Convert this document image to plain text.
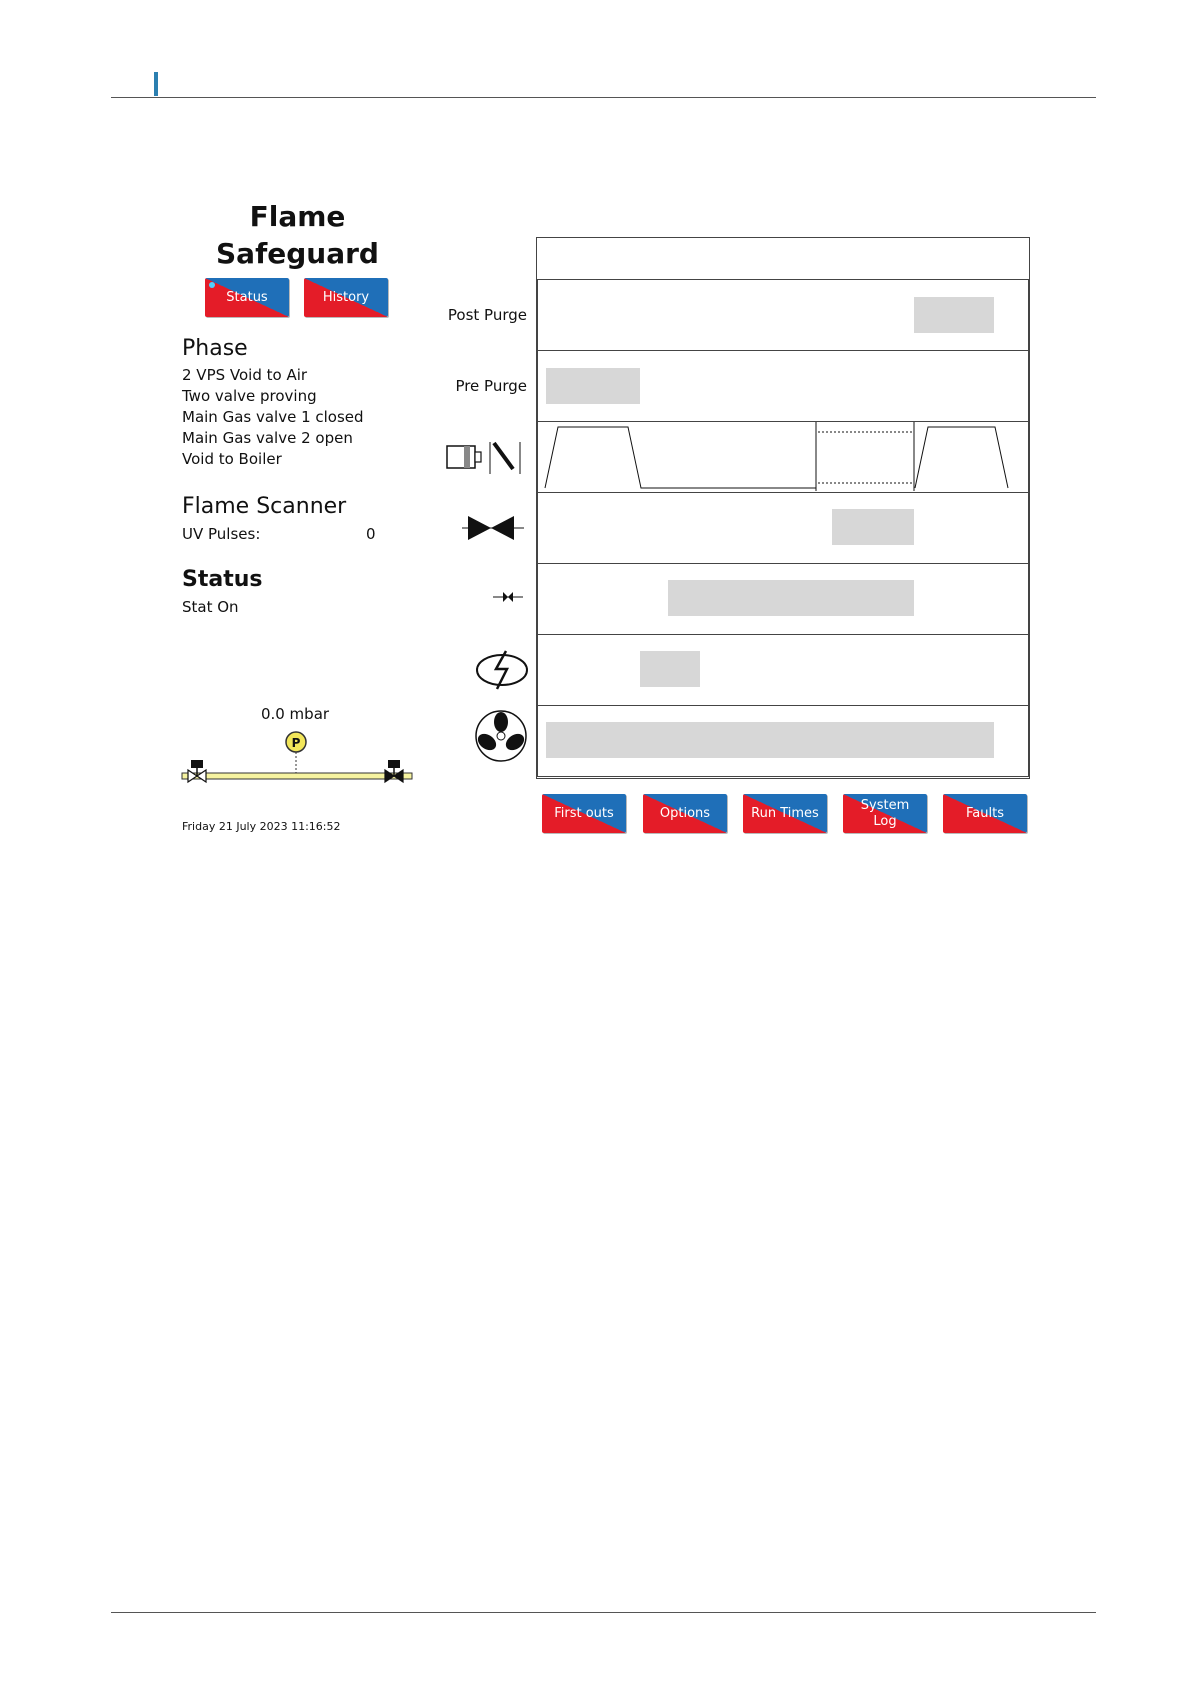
Flame
Safeguard
Status	History
Phase
2 VPS Void to Air
Two valve proving
Main Gas valve 1 closed
Main Gas valve 2 open
Void to Boiler
Flame Scanner
UV Pulses:	0
Status
Stat On
0.0 mbar
P
Friday 21 July 2023 11:16:52
Post Purge
Pre Purge
First outs	Options	Run Times
System Log
Faults
